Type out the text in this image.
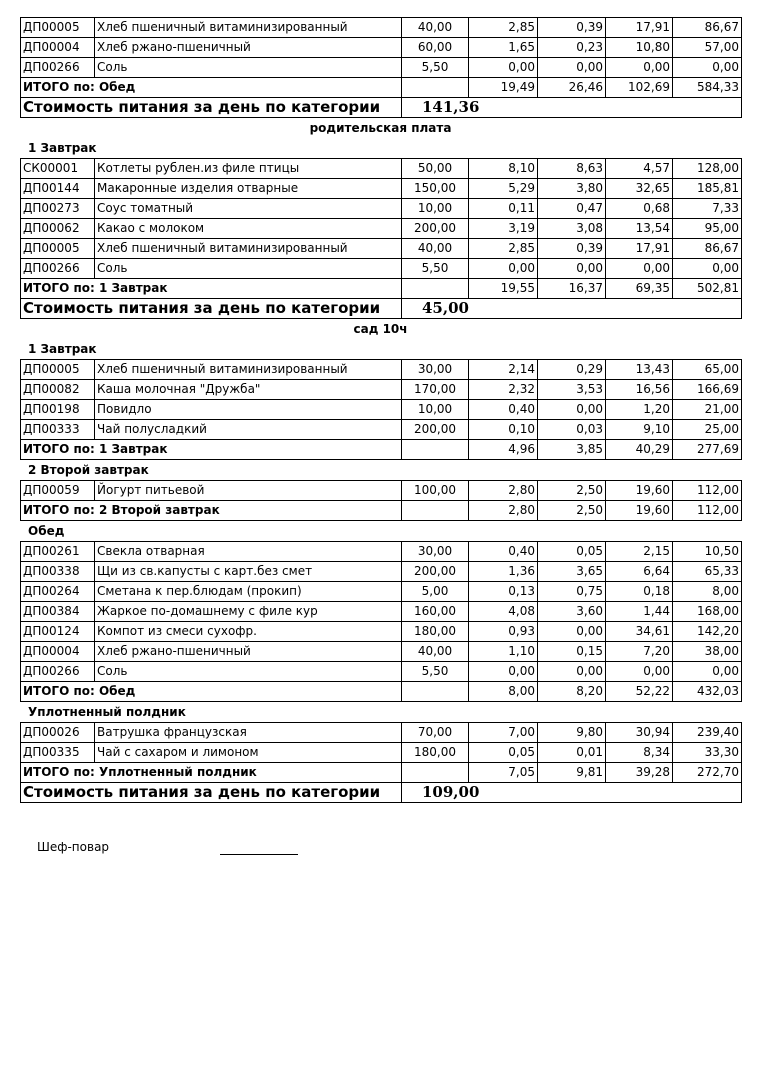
ДП00005	Хлеб пшеничный витаминизированный	40,00	2,85	0,39	17,91	86,67
ДП00004	Хлеб ржано-пшеничный	60,00	1,65	0,23	10,80	57,00
ДП00266	Соль	5,50	0,00	0,00	0,00	0,00
ИТОГО по: Обед			19,49	26,46	102,69	584,33
Стоимость питания за день по категории		141,36				
родительская плата
1 Завтрак
СК00001	Котлеты рублен.из филе птицы	50,00	8,10	8,63	4,57	128,00
ДП00144	Макаронные изделия отварные	150,00	5,29	3,80	32,65	185,81
ДП00273	Соус томатный	10,00	0,11	0,47	0,68	7,33
ДП00062	Какао с молоком	200,00	3,19	3,08	13,54	95,00
ДП00005	Хлеб пшеничный витаминизированный	40,00	2,85	0,39	17,91	86,67
ДП00266	Соль	5,50	0,00	0,00	0,00	0,00
ИТОГО по: 1 Завтрак			19,55	16,37	69,35	502,81
Стоимость питания за день по категории		45,00				
сад 10ч
1 Завтрак
ДП00005	Хлеб пшеничный витаминизированный	30,00	2,14	0,29	13,43	65,00
ДП00082	Каша молочная "Дружба"	170,00	2,32	3,53	16,56	166,69
ДП00198	Повидло	10,00	0,40	0,00	1,20	21,00
ДП00333	Чай полусладкий	200,00	0,10	0,03	9,10	25,00
ИТОГО по: 1 Завтрак			4,96	3,85	40,29	277,69
2 Второй завтрак
ДП00059	Йогурт питьевой	100,00	2,80	2,50	19,60	112,00
ИТОГО по: 2 Второй завтрак			2,80	2,50	19,60	112,00
Обед
ДП00261	Свекла отварная	30,00	0,40	0,05	2,15	10,50
ДП00338	Щи из св.капусты с карт.без смет	200,00	1,36	3,65	6,64	65,33
ДП00264	Сметана к пер.блюдам (прокип)	5,00	0,13	0,75	0,18	8,00
ДП00384	Жаркое по-домашнему с филе кур	160,00	4,08	3,60	1,44	168,00
ДП00124	Компот из смеси сухофр.	180,00	0,93	0,00	34,61	142,20
ДП00004	Хлеб ржано-пшеничный	40,00	1,10	0,15	7,20	38,00
ДП00266	Соль	5,50	0,00	0,00	0,00	0,00
ИТОГО по: Обед			8,00	8,20	52,22	432,03
Уплотненный полдник
ДП00026	Ватрушка французская	70,00	7,00	9,80	30,94	239,40
ДП00335	Чай с сахаром и лимоном	180,00	0,05	0,01	8,34	33,30
ИТОГО по: Уплотненный полдник			7,05	9,81	39,28	272,70
Стоимость питания за день по категории		109,00				
Шеф-повар
